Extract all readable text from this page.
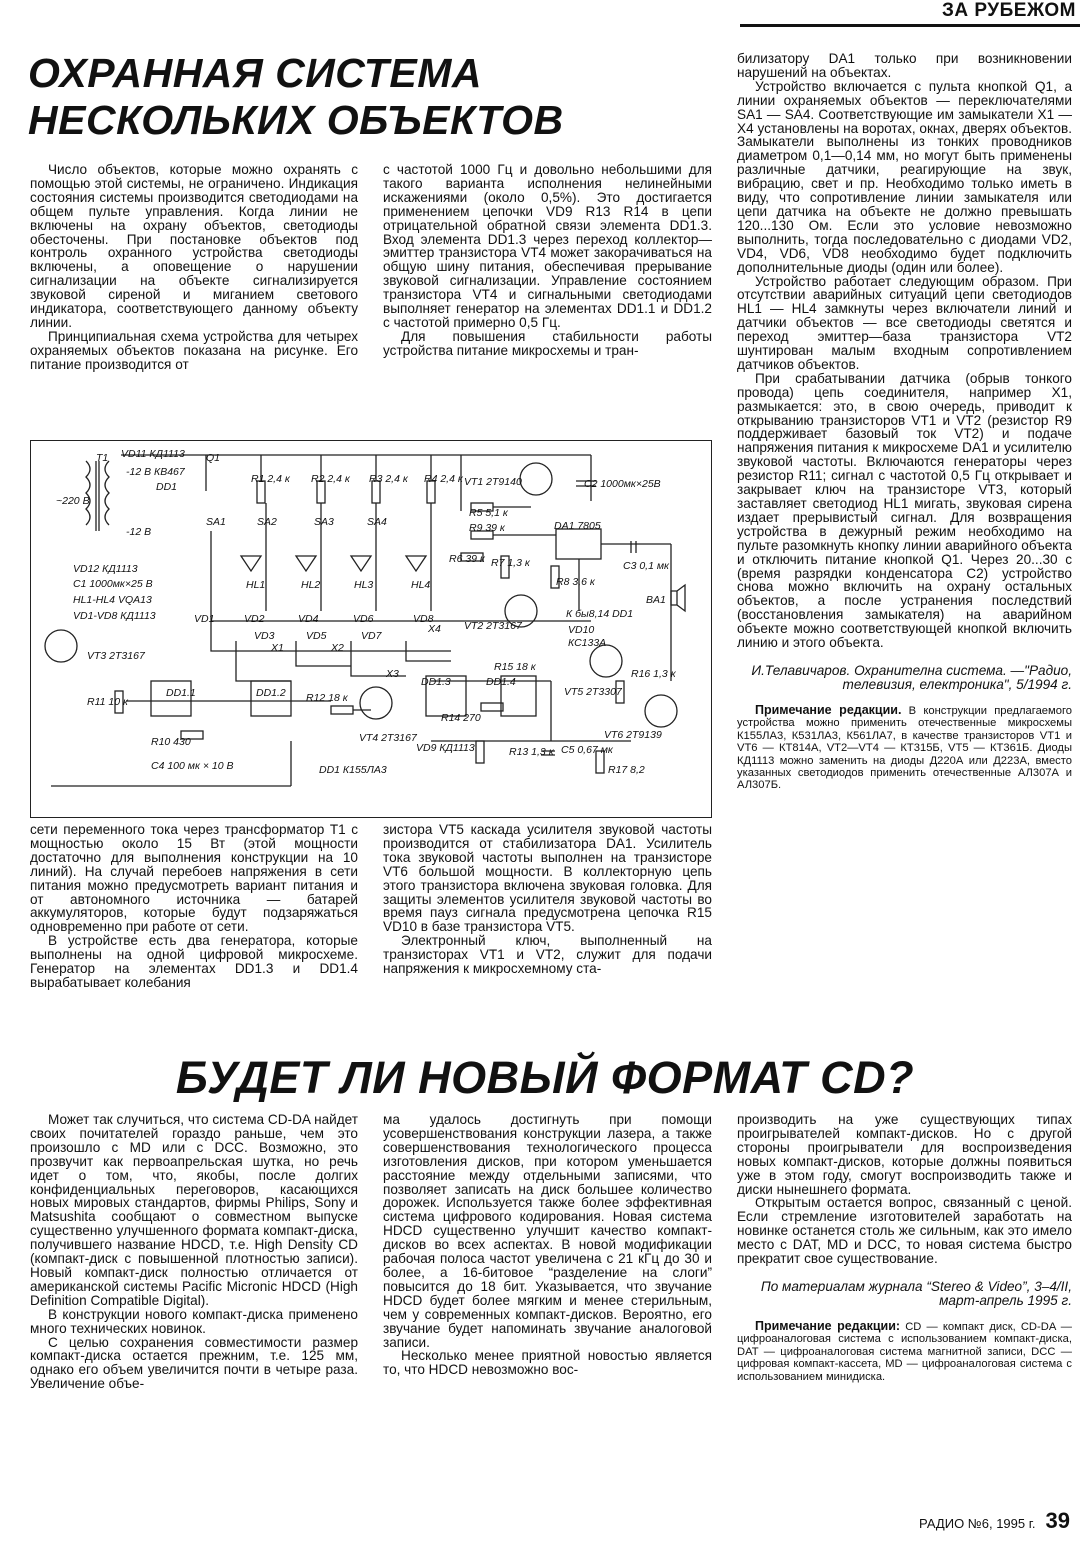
ЗА РУБЕЖОМ
ОХРАННАЯ СИСТЕМА НЕСКОЛЬКИХ ОБЪЕКТОВ

Число объектов, которые можно охранять с помощью этой системы, не ограничено. Индикация состояния системы производится светодиодами на общем пульте управления. Когда линии не включены на охрану объектов, светодиоды обесточены. При постановке объектов под контроль охранного устройства светодиоды включены, а оповещение о нарушении сигнализации на объекте сигнализируется звуковой сиреной и миганием светового индикатора, соответствующего данному объекту линии.

Принципиальная схема устройства для четырех охраняемых объектов показана на рисунке. Его питание производится от

с частотой 1000 Гц и довольно небольшими для такого варианта исполнения нелинейными искажениями (около 0,5%). Это достигается применением цепочки VD9 R13 R14 в цепи отрицательной обратной связи элемента DD1.3. Вход элемента DD1.3 через переход коллектор—эмиттер транзистора VT4 может закорачиваться на общую шину питания, обеспечивая прерывание звуковой сигнализации. Управление состоянием транзистора VT4 и сигнальными светодиодами выполняет генератор на элементах DD1.1 и DD1.2 с частотой примерно 0,5 Гц.

Для повышения стабильности работы устройства питание микросхемы и тран-

T1
~220 В
VD11 КД1113 Q1
R1 2,4 к R2 2,4 к R3 2,4 к R4 2,4 к VT1 2Т9140	C2 1000мк×25В
-12 В КВ467
DD1
-12 В
SA1	SA2	SA3	SA4
R5 5,1 к
R9 39 к	DA1 7805
C3 0,1 мк
VD12 КД1113
C1 1000мк×25 В
HL1-HL4 VQA13
VD1-VD8 КД1113
HL1	HL2	HL3	HL4
R6 39 к R7 1,3 к
R8 3,6 к
VT2 2Т3167
К бы8,14 DD1
VD10
КС133А
BA1
VT3 2Т3167
X1	X2
X3
X4
R11 10 к
DD1.1	DD1.2 R12 18 к
DD1.3	DD1.4
R15 18 к
VT5 2Т3307
R16 1,3 к
R10 430	VT4 2Т3167
R14 270
VT6 2Т9139
C4 100 мк × 10 В	DD1 К155ЛА3
VD9 КД1113	R13 1,3 к C5 0,67 мк
R17 8,2
VD1	VD2
VD3
VD4
VD5
VD6
VD7
VD8

сети переменного тока через трансформатор Т1 с мощностью около 15 Вт (этой мощности достаточно для выполнения конструкции на 10 линий). На случай перебоев напряжения в сети питания можно предусмотреть вариант питания и от автономного источника — батарей аккумуляторов, которые будут подзаряжаться одновременно при работе от сети.

В устройстве есть два генератора, которые выполнены на одной цифровой микросхеме. Генератор на элементах DD1.3 и DD1.4 вырабатывает колебания

зистора VT5 каскада усилителя звуковой частоты производится от стабилизатора DA1. Усилитель тока звуковой частоты выполнен на транзисторе VT6 большой мощности. В коллекторную цепь этого транзистора включена звуковая головка. Для защиты элементов усилителя звуковой частоты во время пауз сигнала предусмотрена цепочка R15 VD10 в базе транзистора VT5.

Электронный ключ, выполненный на транзисторах VT1 и VT2, служит для подачи напряжения к микросхемному ста-

билизатору DA1 только при возникновении нарушений на объектах.

Устройство включается с пульта кнопкой Q1, а линии охраняемых объектов — переключателями SA1 — SA4. Соответствующие им замыкатели X1 — X4 установлены на воротах, окнах, дверях объектов. Замыкатели выполнены из тонких проводников диаметром 0,1—0,14 мм, но могут быть применены различные датчики, реагирующие на звук, вибрацию, свет и пр. Необходимо только иметь в виду, что сопротивление линии замыкателя или цепи датчика на объекте не должно превышать 120...130 Ом. Если это условие невозможно выполнить, тогда последовательно с диодами VD2, VD4, VD6, VD8 необходимо будет подключить дополнительные диоды (один или более).

Устройство работает следующим образом. При отсутствии аварийных ситуаций цепи светодиодов HL1 — HL4 замкнуты через включатели линий и датчики объектов — все светодиоды светятся и переход эмиттер—база транзистора VT2 шунтирован малым входным сопротивлением датчиков объектов.

При срабатывании датчика (обрыв тонкого провода) цепь соединителя, например X1, размыкается: это, в свою очередь, приводит к открыванию транзисторов VT1 и VT2 (резистор R9 поддерживает базовый ток VT2) и подаче напряжения питания к микросхеме DA1 и усилителю звуковой частоты. Включаются генераторы через резистор R11; сигнал с частотой 0,5 Гц открывает и закрывает ключ на транзисторе VT3, который заставляет светодиод HL1 мигать, звуковая сирена издает прерывистый сигнал. Для возвращения устройства в дежурный режим необходимо на пульте разомкнуть кнопку линии аварийного объекта и отключить питание кнопкой Q1. Через 20...30 с (время разрядки конденсатора C2) устройство снова можно включить на охрану остальных объектов, а после устранения последствий (восстановления замыкателя) на аварийном объекте можно соответствующей кнопкой включить линию и этого объекта.

И.Телавичаров. Охранителна система. —"Радио, телевизия, електроника", 5/1994 г.

Примечание редакции. В конструкции предлагаемого устройства можно применить отечественные микросхемы К155ЛА3, К531ЛА3, К561ЛА7, в качестве транзисторов VT1 и VT6 — КТ814А, VT2—VT4 — КТ315Б, VT5 — КТ361Б. Диоды КД1113 можно заменить на диоды Д220А или Д223А, вместо указанных светодиодов применить отечественные АЛ307А и АЛ307Б.

БУДЕТ ЛИ НОВЫЙ ФОРМАТ CD?

Может так случиться, что система CD-DA найдет своих почитателей гораздо раньше, чем это произошло с MD или с DCC. Возможно, это прозвучит как первоапрельская шутка, но речь идет о том, что, якобы, после долгих конфиденциальных переговоров, касающихся новых мировых стандартов, фирмы Philips, Sony и Matsushita сообщают о совместном выпуске существенно улучшенного формата компакт-диска, получившего название HDCD, т.е. High Density CD (компакт-диск с повышенной плотностью записи). Новый компакт-диск полностью отличается от американской системы Pacific Micronic HDCD (High Definition Compatible Digital).

В конструкции нового компакт-диска применено много технических новинок.

С целью сохранения совместимости размер компакт-диска остается прежним, т.е. 125 мм, однако его объем увеличится почти в четыре раза. Увеличение объе-

ма удалось достигнуть при помощи усовершенствования конструкции лазера, а также совершенствования технологического процесса изготовления дисков, при котором уменьшается расстояние между отдельными записями, что позволяет записать на диск большее количество дорожек. Используется также более эффективная система цифрового кодирования. Новая система HDCD существенно улучшит качество компакт-дисков во всех аспектах. В новой модификации рабочая полоса частот увеличена с 21 кГц до 30 и более, а 16-битовое “разделение на слоги” повысится до 18 бит. Указывается, что звучание HDCD будет более мягким и менее стерильным, чем у современных компакт-дисков. Вероятно, его звучание будет напоминать звучание аналоговой записи.

Несколько менее приятной новостью является то, что HDCD невозможно вос-

производить на уже существующих типах проигрывателей компакт-дисков. Но с другой стороны проигрыватели для воспроизведения новых компакт-дисков, которые должны появиться уже в этом году, смогут воспроизводить также и диски нынешнего формата.

Открытым остается вопрос, связанный с ценой. Если стремление изготовителей заработать на новинке останется столь же сильным, как это имело место с DAT, MD и DCC, то новая система быстро прекратит свое существование.

По материалам журнала “Stereo & Video”, 3–4/II, март-апрель 1995 г.

Примечание редакции: CD — компакт диск, CD-DA — цифроаналоговая система с использованием компакт-диска, DAT — цифроаналоговая система магнитной записи, DCC — цифровая компакт-кассета, MD — цифроаналоговая система с использованием минидиска.

РАДИО №6, 1995 г. 39
